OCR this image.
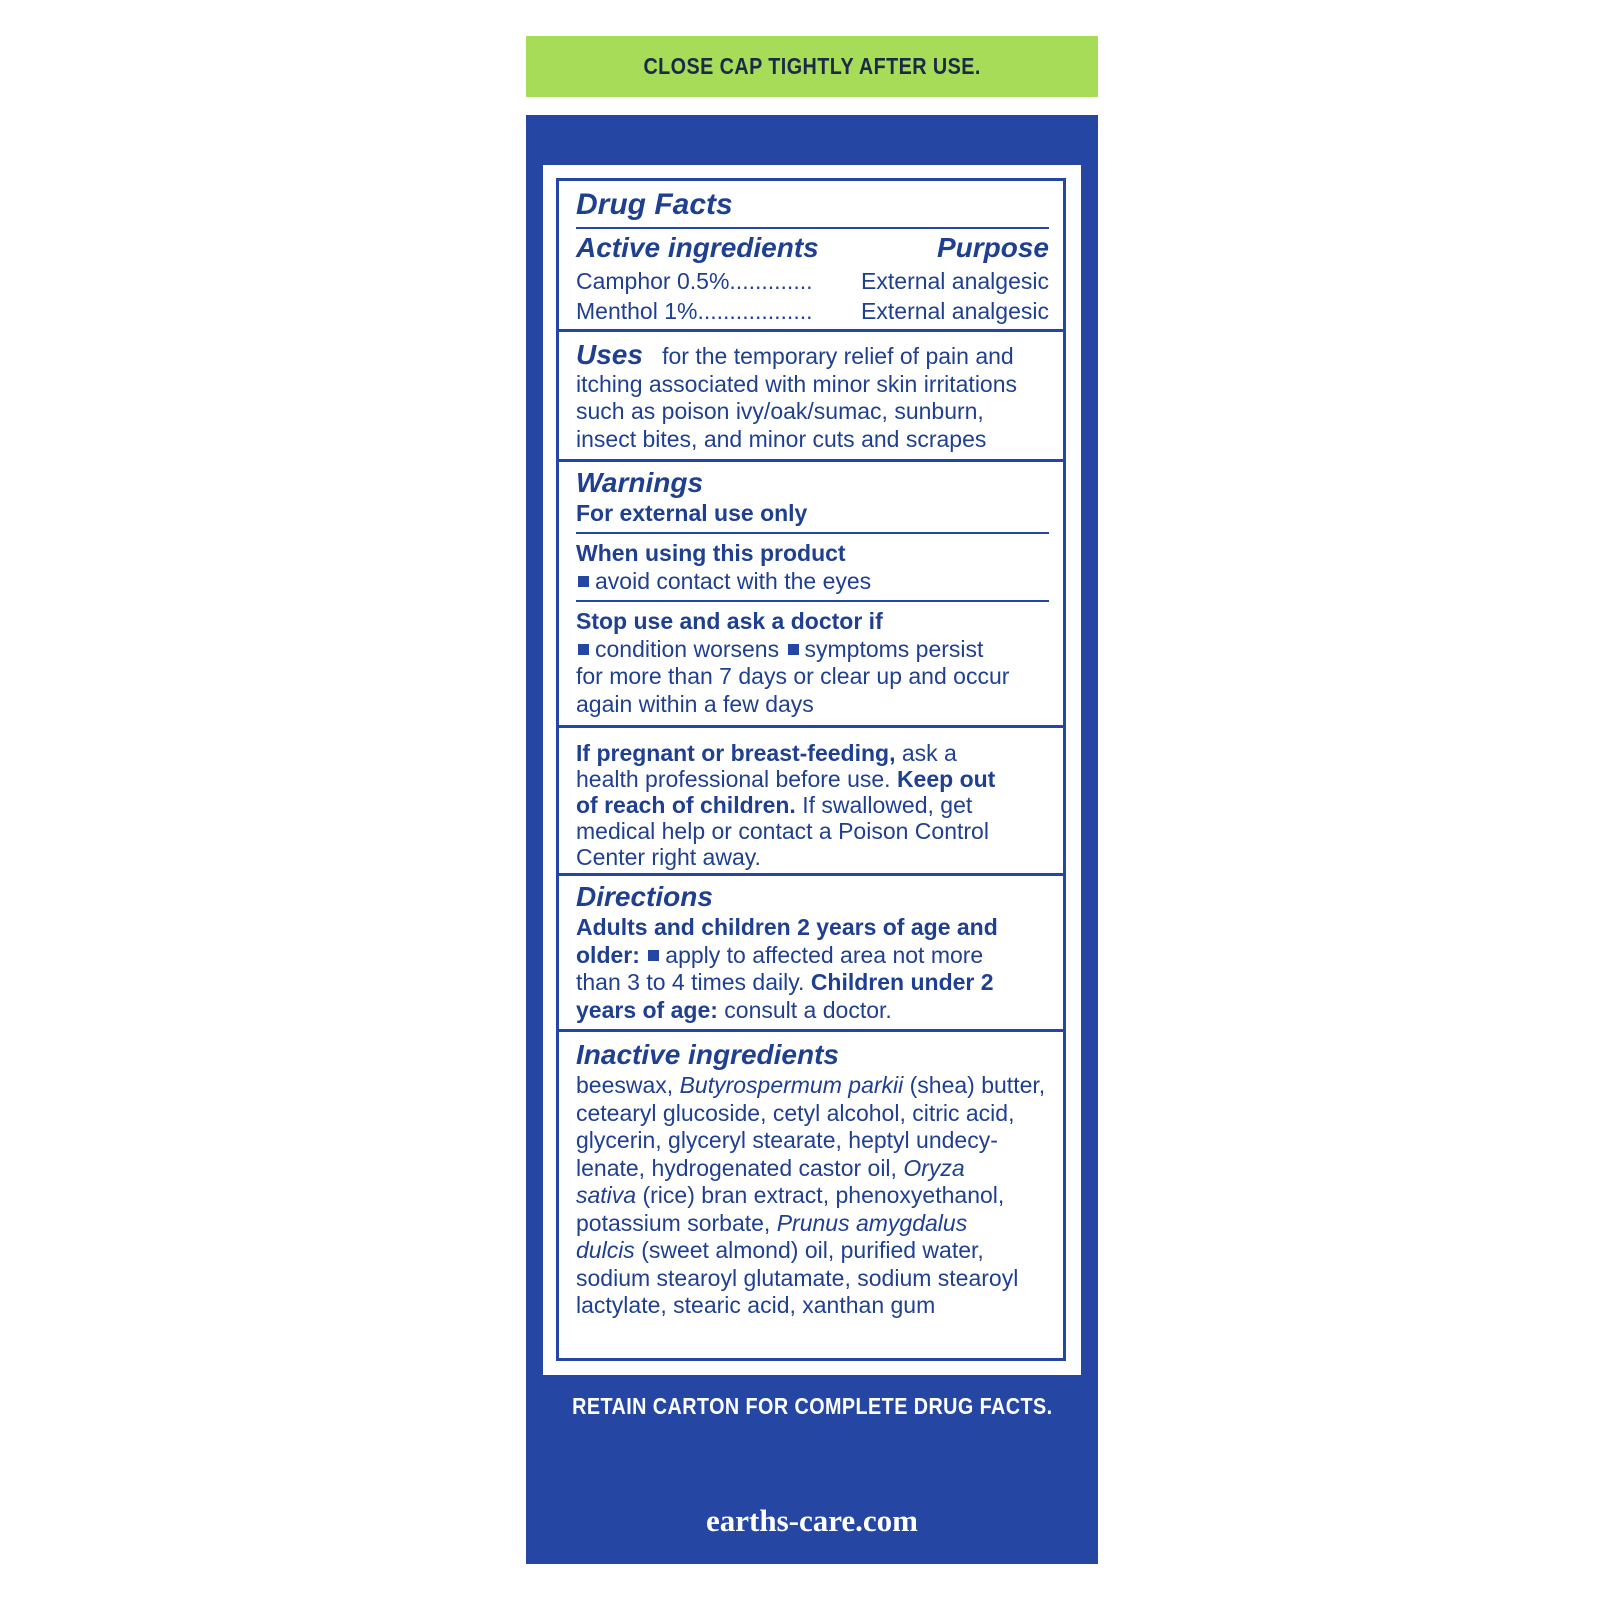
CLOSE CAP TIGHTLY AFTER USE.
Drug Facts
Active ingredients	Purpose
Camphor 0.5%............. External analgesic
Menthol 1%.................. External analgesic
Uses for the temporary relief of pain and
itching associated with minor skin irritations
such as poison ivy/oak/sumac, sunburn,
insect bites, and minor cuts and scrapes
Warnings
For external use only
When using this product
avoid contact with the eyes
Stop use and ask a doctor if
condition worsens symptoms persist
for more than 7 days or clear up and occur
again within a few days
If pregnant or breast-feeding, ask a
health professional before use. Keep out
of reach of children. If swallowed, get
medical help or contact a Poison Control
Center right away.
Directions
Adults and children 2 years of age and
older: apply to affected area not more
than 3 to 4 times daily. Children under 2
years of age: consult a doctor.
Inactive ingredients
beeswax, Butyrospermum parkii (shea) butter,
cetearyl glucoside, cetyl alcohol, citric acid,
glycerin, glyceryl stearate, heptyl undecy-
lenate, hydrogenated castor oil, Oryza
sativa (rice) bran extract, phenoxyethanol,
potassium sorbate, Prunus amygdalus
dulcis (sweet almond) oil, purified water,
sodium stearoyl glutamate, sodium stearoyl
lactylate, stearic acid, xanthan gum
RETAIN CARTON FOR COMPLETE DRUG FACTS.
earths-care.com
